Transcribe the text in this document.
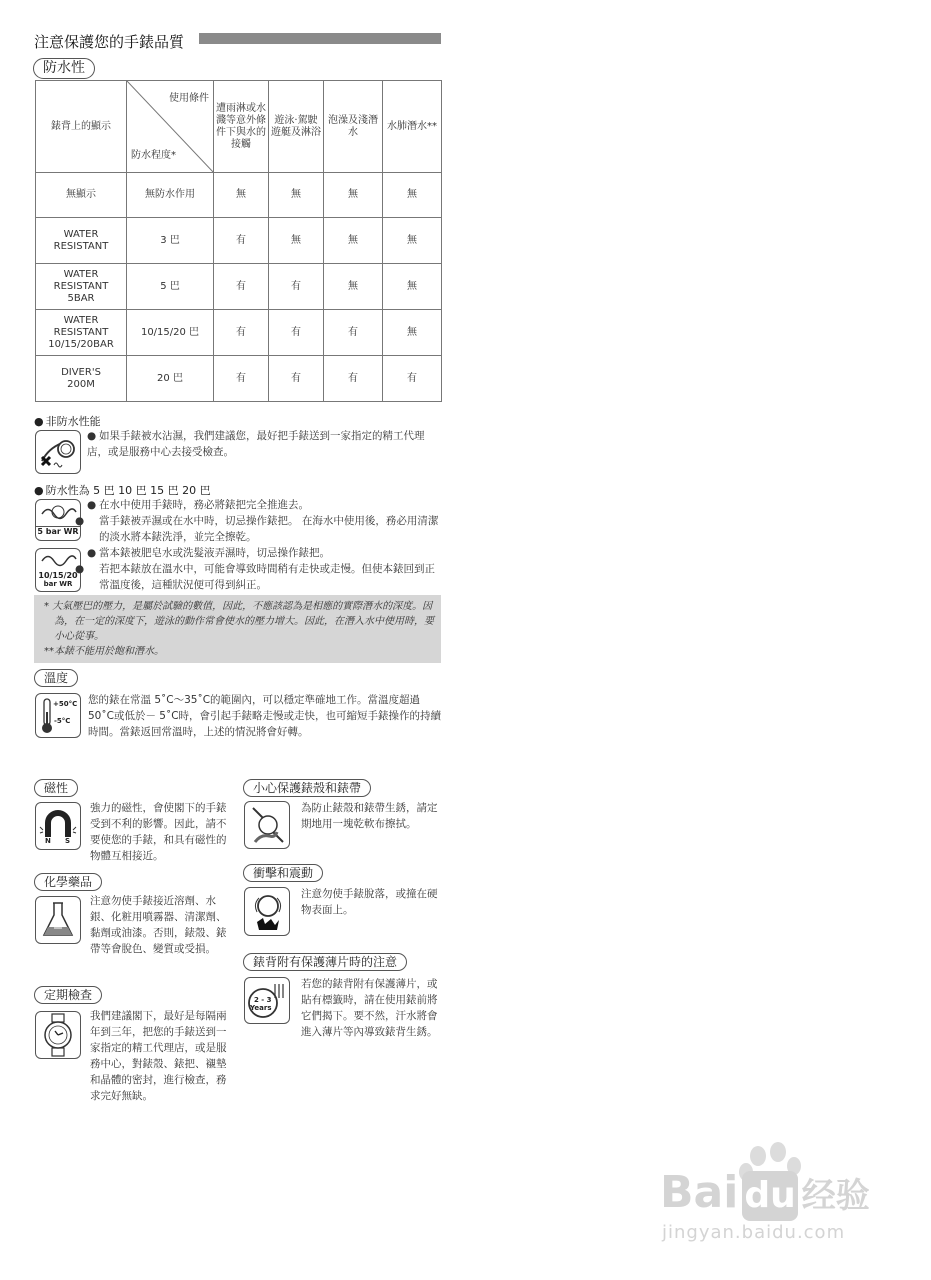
注意保護您的手錶品質
防水性
錶背上的顯示	使用條件
防水程度*	遭雨淋或水濺等意外條件下與水的接觸	遊泳·駕駛遊艇及淋浴	泡澡及淺潛水	水肺潛水**
無顯示	無防水作用	無	無	無	無
WATER
RESISTANT	3 巴	有	無	無	無
WATER
RESISTANT
5BAR	5 巴	有	有	無	無
WATER
RESISTANT
10/15/20BAR	10/15/20 巴	有	有	有	無
DIVER'S
200M	20 巴	有	有	有	有
● 非防水性能
● 如果手錶被水沾濕，我們建議您，最好把手錶送到一家指定的精工代理店，或是服務中心去接受檢查。
● 防水性為 5 巴 10 巴 15 巴 20 巴
5 bar WR
10/15/20
bar WR
● 在水中使用手錶時，務必將錶把完全推進去。
● 當手錶被弄濕或在水中時，切忌操作錶把。 在海水中使用後，務必用清潔的淡水將本錶洗淨，並完全擦乾。
● 當本錶被肥皂水或洗髮液弄濕時，切忌操作錶把。
● 若把本錶放在溫水中，可能會導致時間稍有走快或走慢。但使本錶回到正常溫度後，這種狀況便可得到糾正。
* 大氣壓巴的壓力，是屬於試驗的數值，因此，不應該認為是相應的實際潛水的深度。因為，在一定的深度下，遊泳的動作常會使水的壓力增大。因此，在潛入水中使用時，要小心從事。
**本錶不能用於飽和潛水。
溫度
+50°C
-5°C
您的錶在常溫 5˚C～35˚C的範圍內，可以穩定準確地工作。當溫度超過 50˚C或低於－ 5˚C時，會引起手錶略走慢或走快，也可縮短手錶操作的持續時間。當錶返回常溫時，上述的情況將會好轉。
磁性
N S
強力的磁性，會使閣下的手錶受到不利的影響。因此，請不要使您的手錶，和具有磁性的物體互相接近。
化學藥品
注意勿使手錶接近溶劑、水銀、化粧用噴霧器、清潔劑、黏劑或油漆。否則，錶殼、錶帶等會脫色、變質或受損。
定期檢查
我們建議閣下，最好是每隔兩年到三年，把您的手錶送到一家指定的精工代理店，或是服務中心，對錶殼、錶把、襯墊和晶體的密封，進行檢查，務求完好無缺。
小心保護錶殼和錶帶
為防止錶殼和錶帶生銹，請定期地用一塊乾軟布擦拭。
衝擊和震動
注意勿使手錶脫落，或撞在硬物表面上。
錶背附有保護薄片時的注意
2 - 3
Years
若您的錶背附有保護薄片，或貼有標籤時，請在使用錶前將它們揭下。要不然，汗水將會進入薄片等內導致錶背生銹。
Bai du 经验
jingyan.baidu.com
